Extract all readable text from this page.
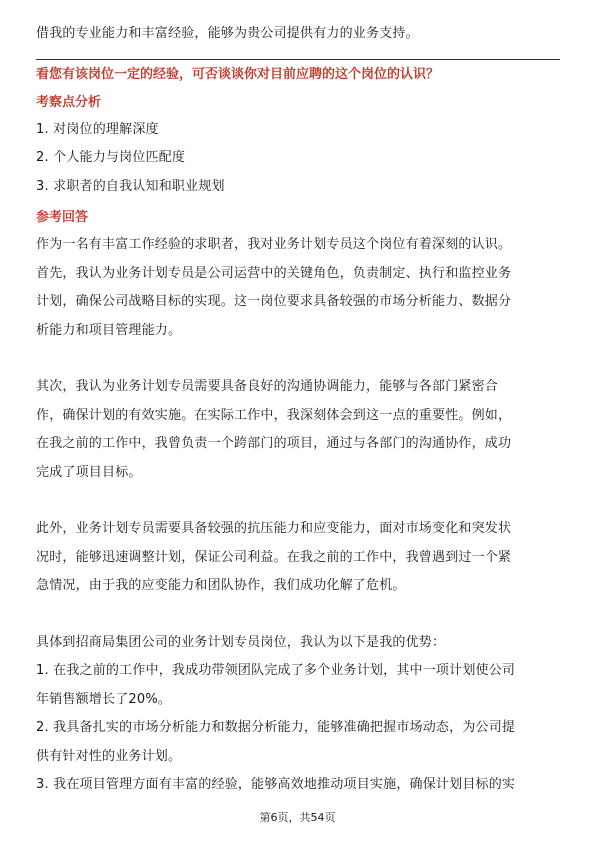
借我的专业能力和丰富经验，能够为贵公司提供有力的业务支持。
看您有该岗位一定的经验，可否谈谈你对目前应聘的这个岗位的认识？
考察点分析
1. 对岗位的理解深度
2. 个人能力与岗位匹配度
3. 求职者的自我认知和职业规划
参考回答
作为一名有丰富工作经验的求职者，我对业务计划专员这个岗位有着深刻的认识。
首先，我认为业务计划专员是公司运营中的关键角色，负责制定、执行和监控业务
计划，确保公司战略目标的实现。这一岗位要求具备较强的市场分析能力、数据分
析能力和项目管理能力。
其次，我认为业务计划专员需要具备良好的沟通协调能力，能够与各部门紧密合
作，确保计划的有效实施。在实际工作中，我深刻体会到这一点的重要性。例如，
在我之前的工作中，我曾负责一个跨部门的项目，通过与各部门的沟通协作，成功
完成了项目目标。
此外，业务计划专员需要具备较强的抗压能力和应变能力，面对市场变化和突发状
况时，能够迅速调整计划，保证公司利益。在我之前的工作中，我曾遇到过一个紧
急情况，由于我的应变能力和团队协作，我们成功化解了危机。
具体到招商局集团公司的业务计划专员岗位，我认为以下是我的优势：
1. 在我之前的工作中，我成功带领团队完成了多个业务计划，其中一项计划使公司
年销售额增长了20%。
2. 我具备扎实的市场分析能力和数据分析能力，能够准确把握市场动态，为公司提
供有针对性的业务计划。
3. 我在项目管理方面有丰富的经验，能够高效地推动项目实施，确保计划目标的实
第6页，共54页
